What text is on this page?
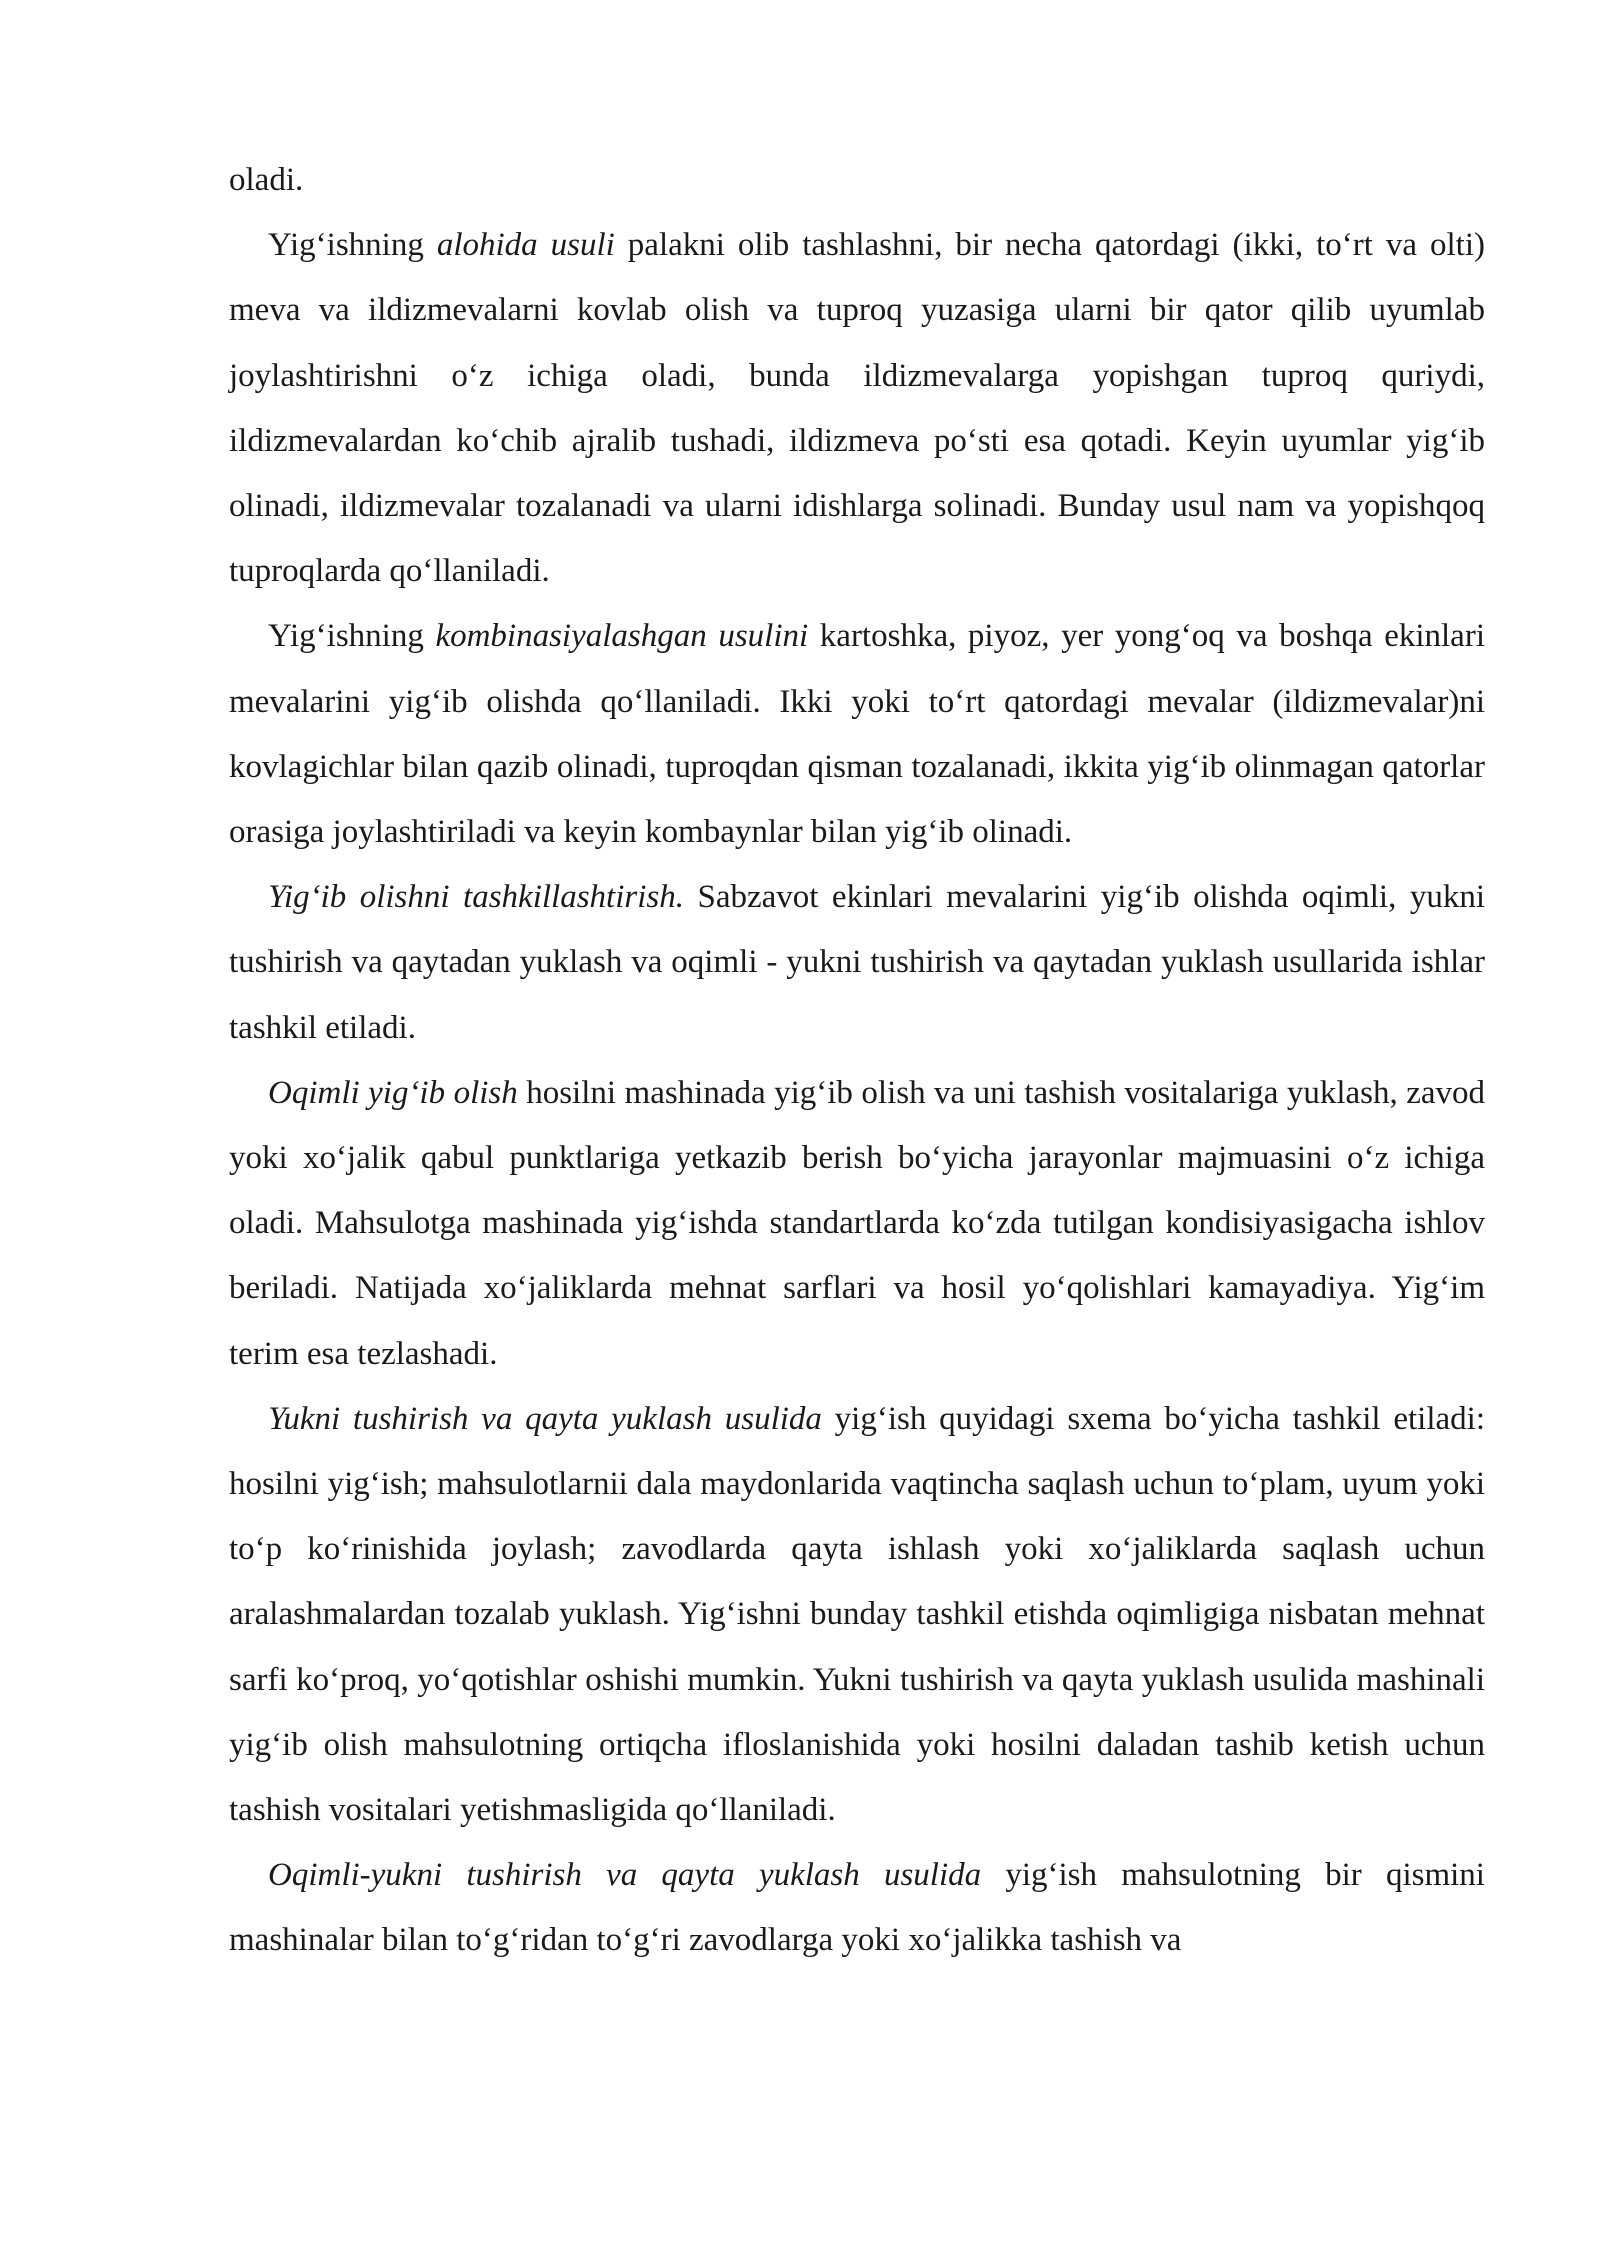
oladi.

Yig‘ishning alohida usuli palakni olib tashlashni, bir necha qatordagi (ikki, to‘rt va olti) meva va ildizmevalarni kovlab olish va tuproq yuzasiga ularni bir qator qilib uyumlab joylashtirishni o‘z ichiga oladi, bunda ildizmevalarga yopishgan tuproq quriydi, ildizmevalardan ko‘chib ajralib tushadi, ildizmeva po‘sti esa qotadi. Keyin uyumlar yig‘ib olinadi, ildizmevalar tozalanadi va ularni idishlarga solinadi. Bunday usul nam va yopishqoq tuproqlarda qo‘llaniladi.

Yig‘ishning kombinasiyalashgan usulini kartoshka, piyoz, yer yong‘oq va boshqa ekinlari mevalarini yig‘ib olishda qo‘llaniladi. Ikki yoki to‘rt qatordagi mevalar (ildizmevalar)ni kovlagichlar bilan qazib olinadi, tuproqdan qisman tozalanadi, ikkita yig‘ib olinmagan qatorlar orasiga joylashtiriladi va keyin kombaynlar bilan yig‘ib olinadi.

Yig‘ib olishni tashkillashtirish. Sabzavot ekinlari mevalarini yig‘ib olishda oqimli, yukni tushirish va qaytadan yuklash va oqimli - yukni tushirish va qaytadan yuklash usullarida ishlar tashkil etiladi.

Oqimli yig‘ib olish hosilni mashinada yig‘ib olish va uni tashish vositalariga yuklash, zavod yoki xo‘jalik qabul punktlariga yetkazib berish bo‘yicha jarayonlar majmuasini o‘z ichiga oladi. Mahsulotga mashinada yig‘ishda standartlarda ko‘zda tutilgan kondisiyasigacha ishlov beriladi. Natijada xo‘jaliklarda mehnat sarflari va hosil yo‘qolishlari kamayadiya. Yig‘im terim esa tezlashadi.

Yukni tushirish va qayta yuklash usulida yig‘ish quyidagi sxema bo‘yicha tashkil etiladi: hosilni yig‘ish; mahsulotlarnii dala maydonlarida vaqtincha saqlash uchun to‘plam, uyum yoki to‘p ko‘rinishida joylash; zavodlarda qayta ishlash yoki xo‘jaliklarda saqlash uchun aralashmalardan tozalab yuklash. Yig‘ishni bunday tashkil etishda oqimligiga nisbatan mehnat sarfi ko‘proq, yo‘qotishlar oshishi mumkin. Yukni tushirish va qayta yuklash usulida mashinali yig‘ib olish mahsulotning ortiqcha ifloslanishida yoki hosilni daladan tashib ketish uchun tashish vositalari yetishmasligida qo‘llaniladi.

Oqimli-yukni tushirish va qayta yuklash usulida yig‘ish mahsulotning bir qismini mashinalar bilan to‘g‘ridan to‘g‘ri zavodlarga yoki xo‘jalikka tashish va
